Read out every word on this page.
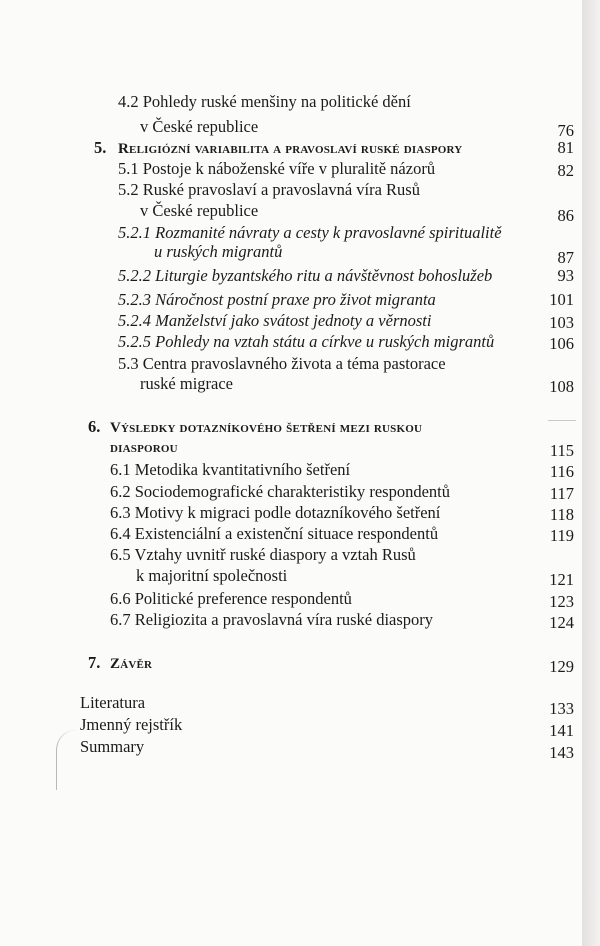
4.2 Pohledy ruské menšiny na politické dění
v České republice	76
5. Religiózní variabilita a pravoslaví ruské diaspory	81
5.1 Postoje k náboženské víře v pluralitě názorů	82
5.2 Ruské pravoslaví a pravoslavná víra Rusů
v České republice	86
5.2.1 Rozmanité návraty a cesty k pravoslavné spiritualitě
u ruských migrantů	87
5.2.2 Liturgie byzantského ritu a návštěvnost bohoslužeb	93
5.2.3 Náročnost postní praxe pro život migranta	101
5.2.4 Manželství jako svátost jednoty a věrnosti	103
5.2.5 Pohledy na vztah státu a církve u ruských migrantů	106
5.3 Centra pravoslavného života a téma pastorace
ruské migrace	108
6. Výsledky dotazníkového šetření mezi ruskou
diasporou	115
6.1 Metodika kvantitativního šetření	116
6.2 Sociodemografické charakteristiky respondentů	117
6.3 Motivy k migraci podle dotazníkového šetření	118
6.4 Existenciální a existenční situace respondentů	119
6.5 Vztahy uvnitř ruské diaspory a vztah Rusů
k majoritní společnosti	121
6.6 Politické preference respondentů	123
6.7 Religiozita a pravoslavná víra ruské diaspory	124
7. Závěr	129
Literatura	133
Jmenný rejstřík	141
Summary	143
